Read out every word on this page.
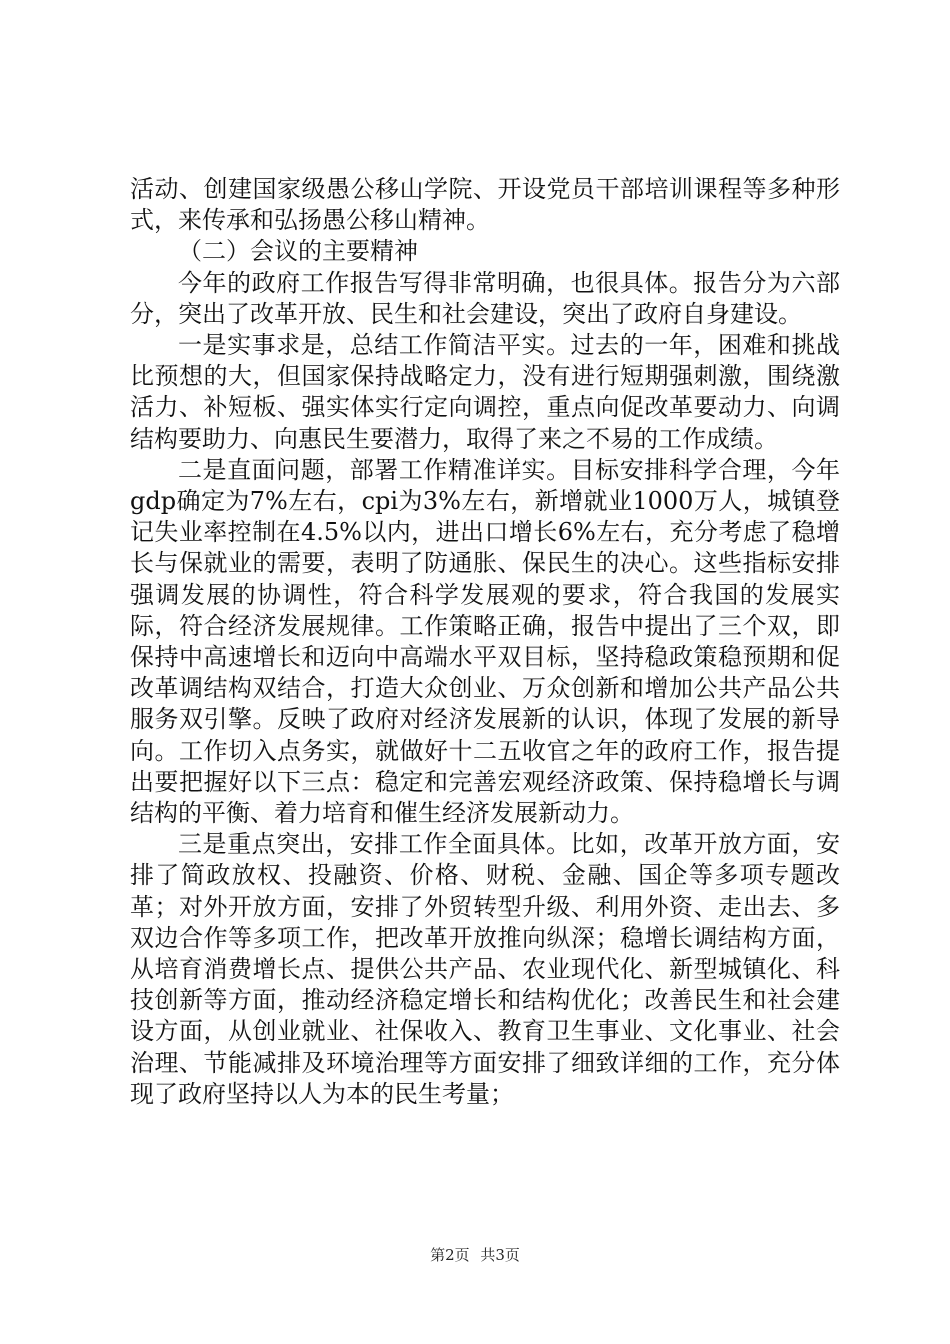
活动、创建国家级愚公移山学院、开设党员干部培训课程等多种形式，来传承和弘扬愚公移山精神。

（二）会议的主要精神

今年的政府工作报告写得非常明确，也很具体。报告分为六部分，突出了改革开放、民生和社会建设，突出了政府自身建设。

一是实事求是，总结工作简洁平实。过去的一年，困难和挑战比预想的大，但国家保持战略定力，没有进行短期强刺激，围绕激活力、补短板、强实体实行定向调控，重点向促改革要动力、向调结构要助力、向惠民生要潜力，取得了来之不易的工作成绩。

二是直面问题，部署工作精准详实。目标安排科学合理，今年gdp确定为7%左右，cpi为3%左右，新增就业1000万人，城镇登记失业率控制在4.5%以内，进出口增长6%左右，充分考虑了稳增长与保就业的需要，表明了防通胀、保民生的决心。这些指标安排强调发展的协调性，符合科学发展观的要求，符合我国的发展实际，符合经济发展规律。工作策略正确，报告中提出了三个双，即保持中高速增长和迈向中高端水平双目标，坚持稳政策稳预期和促改革调结构双结合，打造大众创业、万众创新和增加公共产品公共服务双引擎。反映了政府对经济发展新的认识，体现了发展的新导向。工作切入点务实，就做好十二五收官之年的政府工作，报告提出要把握好以下三点：稳定和完善宏观经济政策、保持稳增长与调结构的平衡、着力培育和催生经济发展新动力。

三是重点突出，安排工作全面具体。比如，改革开放方面，安排了简政放权、投融资、价格、财税、金融、国企等多项专题改革；对外开放方面，安排了外贸转型升级、利用外资、走出去、多双边合作等多项工作，把改革开放推向纵深；稳增长调结构方面，从培育消费增长点、提供公共产品、农业现代化、新型城镇化、科技创新等方面，推动经济稳定增长和结构优化；改善民生和社会建设方面，从创业就业、社保收入、教育卫生事业、文化事业、社会治理、节能减排及环境治理等方面安排了细致详细的工作，充分体现了政府坚持以人为本的民生考量；

第2页 共3页
